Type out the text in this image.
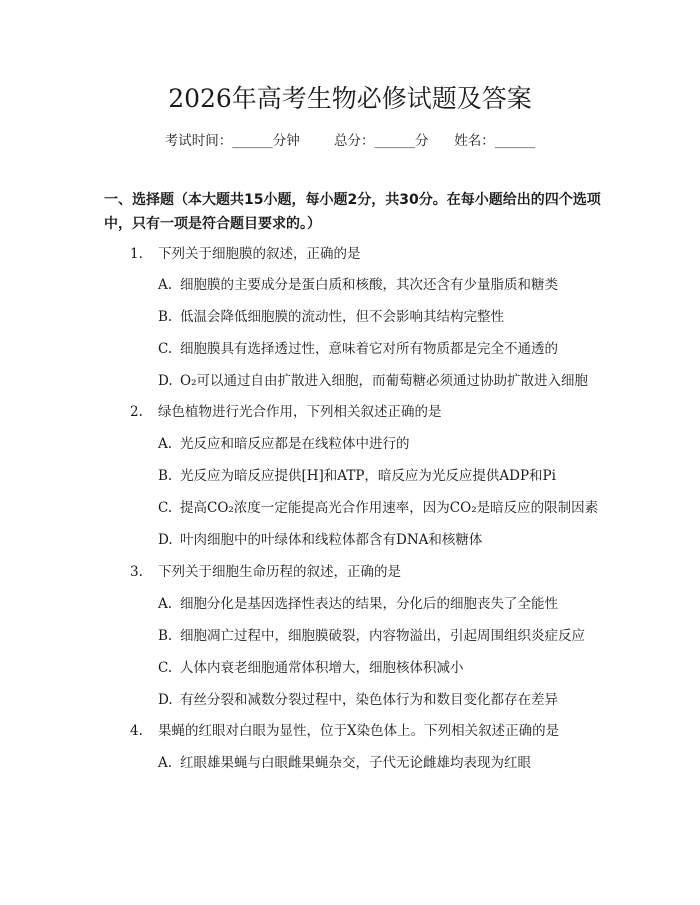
2026年高考生物必修试题及答案
考试时间：______分钟	总分：______分 姓名：______
一、选择题（本大题共15小题，每小题2分，共30分。在每小题给出的四个选项中，只有一项是符合题目要求的。）
1. 下列关于细胞膜的叙述，正确的是
A. 细胞膜的主要成分是蛋白质和核酸，其次还含有少量脂质和糖类
B. 低温会降低细胞膜的流动性，但不会影响其结构完整性
C. 细胞膜具有选择透过性，意味着它对所有物质都是完全不通透的
D. O₂可以通过自由扩散进入细胞，而葡萄糖必须通过协助扩散进入细胞
2. 绿色植物进行光合作用，下列相关叙述正确的是
A. 光反应和暗反应都是在线粒体中进行的
B. 光反应为暗反应提供[H]和ATP，暗反应为光反应提供ADP和Pi
C. 提高CO₂浓度一定能提高光合作用速率，因为CO₂是暗反应的限制因素
D. 叶肉细胞中的叶绿体和线粒体都含有DNA和核糖体
3. 下列关于细胞生命历程的叙述，正确的是
A. 细胞分化是基因选择性表达的结果，分化后的细胞丧失了全能性
B. 细胞凋亡过程中，细胞膜破裂，内容物溢出，引起周围组织炎症反应
C. 人体内衰老细胞通常体积增大，细胞核体积减小
D. 有丝分裂和减数分裂过程中，染色体行为和数目变化都存在差异
4. 果蝇的红眼对白眼为显性，位于X染色体上。下列相关叙述正确的是
A. 红眼雄果蝇与白眼雌果蝇杂交，子代无论雌雄均表现为红眼
